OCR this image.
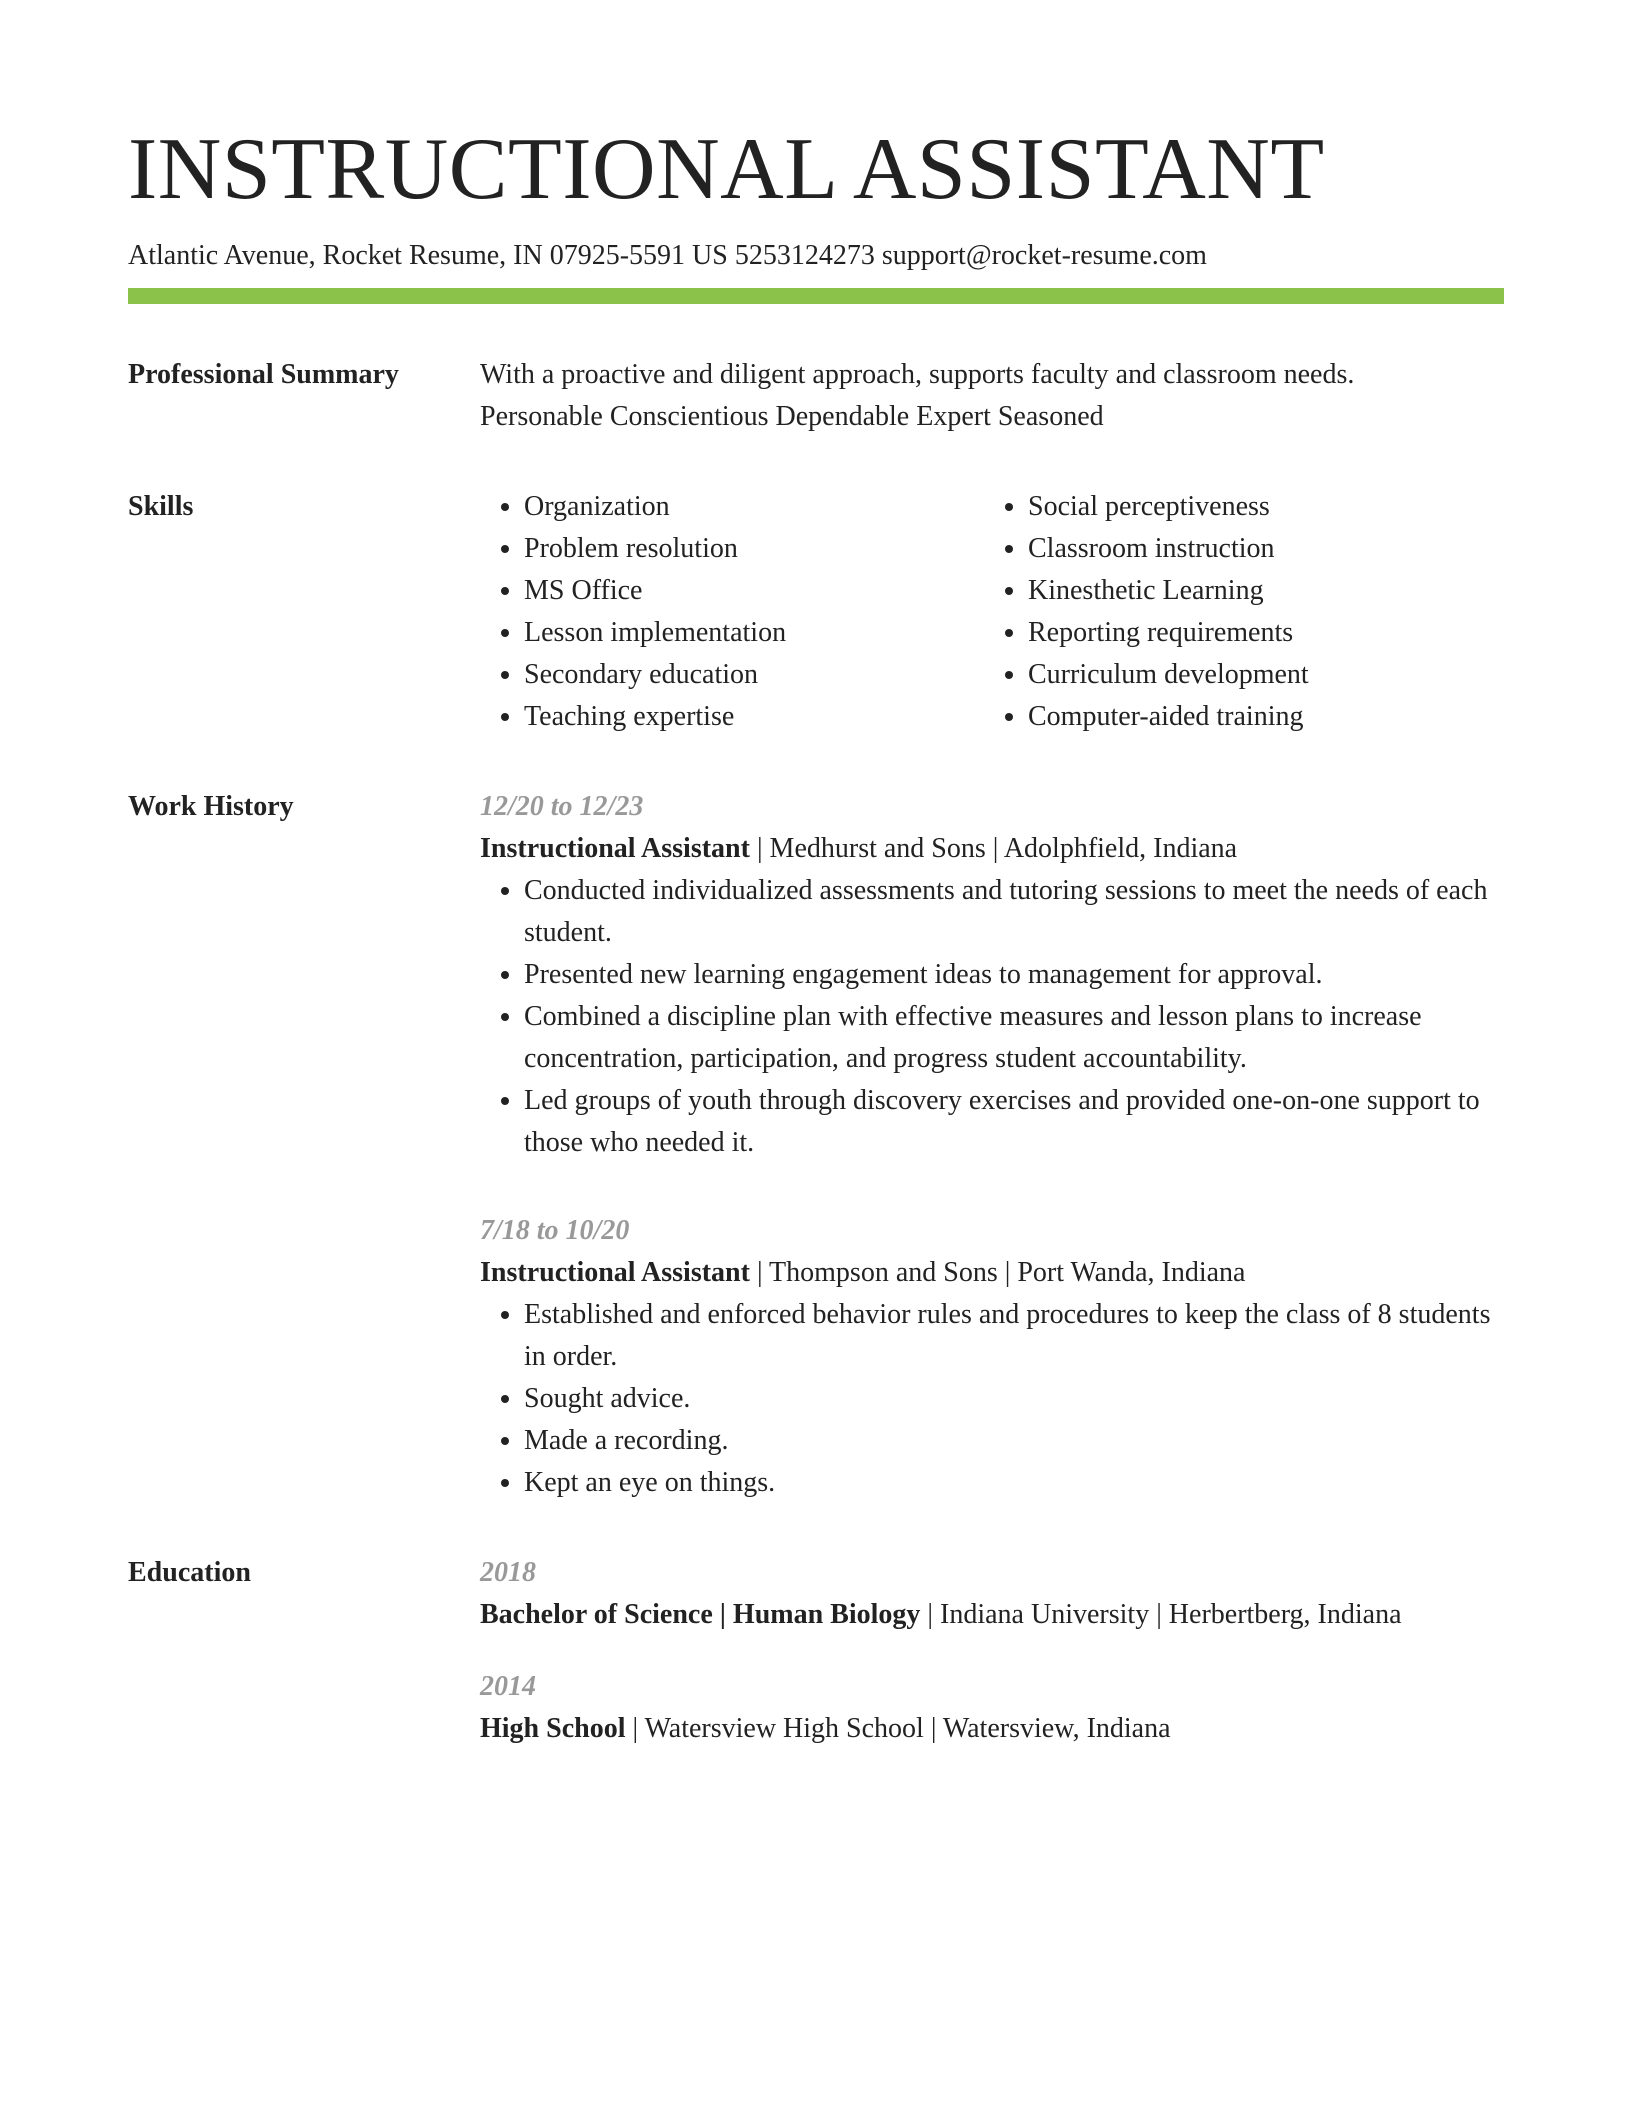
INSTRUCTIONAL ASSISTANT
Atlantic Avenue, Rocket Resume, IN 07925-5591 US 5253124273 support@rocket-resume.com
Professional Summary	With a proactive and diligent approach, supports faculty and classroom needs.
Personable Conscientious Dependable Expert Seasoned
Skills
•	Organization
• Problem resolution
• MS Office
• Lesson implementation
• Secondary education
• Teaching expertise
• Social perceptiveness
• Classroom instruction
• Kinesthetic Learning
• Reporting requirements
• Curriculum development
• Computer-aided training
Work History	12/20 to 12/23
Instructional Assistant | Medhurst and Sons | Adolphfield, Indiana
• Conducted individualized assessments and tutoring sessions to meet the needs of each student.
• Presented new learning engagement ideas to management for approval.
• Combined a discipline plan with effective measures and lesson plans to increase concentration, participation, and progress student accountability.
• Led groups of youth through discovery exercises and provided one-on-one support to those who needed it.
7/18 to 10/20
Instructional Assistant | Thompson and Sons | Port Wanda, Indiana
• Established and enforced behavior rules and procedures to keep the class of 8 students in order.
• Sought advice.
• Made a recording.
• Kept an eye on things.
Education	2018
Bachelor of Science | Human Biology | Indiana University | Herbertberg, Indiana
2014
High School | Watersview High School | Watersview, Indiana
